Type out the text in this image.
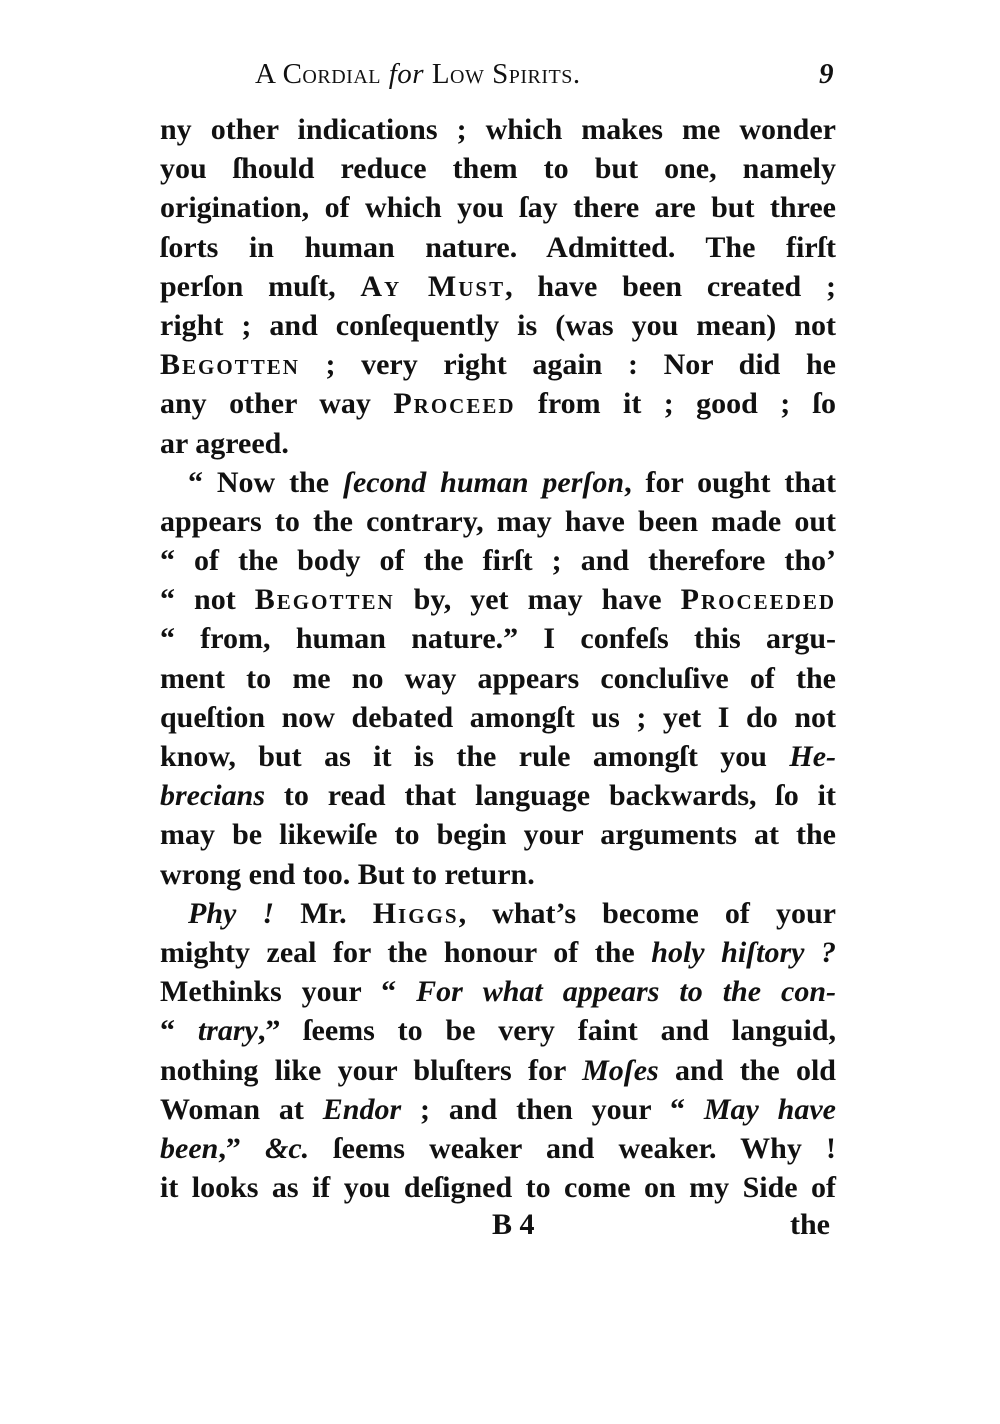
A Cordial for Low Spirits.	9
ny other indications ; which makes me wonder
you ſhould reduce them to but one, namely
origination, of which you ſay there are but three
ſorts in human nature. Admitted. The firſt
perſon muſt, Ay Must, have been created ;
right ; and conſequently is (was you mean) not
Begotten ; very right again : Nor did he
any other way Proceed from it ; good ; ſo
ar agreed.
“ Now the ſecond human perſon, for ought that
appears to the contrary, may have been made out
“ of the body of the firſt ; and therefore tho’
“ not Begotten by, yet may have Proceeded
“ from, human nature.” I confeſs this argu-
ment to me no way appears concluſive of the
queſtion now debated amongſt us ; yet I do not
know, but as it is the rule amongſt you He-
brecians to read that language backwards, ſo it
may be likewiſe to begin your arguments at the
wrong end too. But to return.
Phy ! Mr. Higgs, what’s become of your
mighty zeal for the honour of the holy hiſtory ?
Methinks your “ For what appears to the con-
“ trary,” ſeems to be very faint and languid,
nothing like your bluſters for Moſes and the old
Woman at Endor ; and then your “ May have
been,” &c. ſeems weaker and weaker. Why !
it looks as if you deſigned to come on my Side of
B 4	the
